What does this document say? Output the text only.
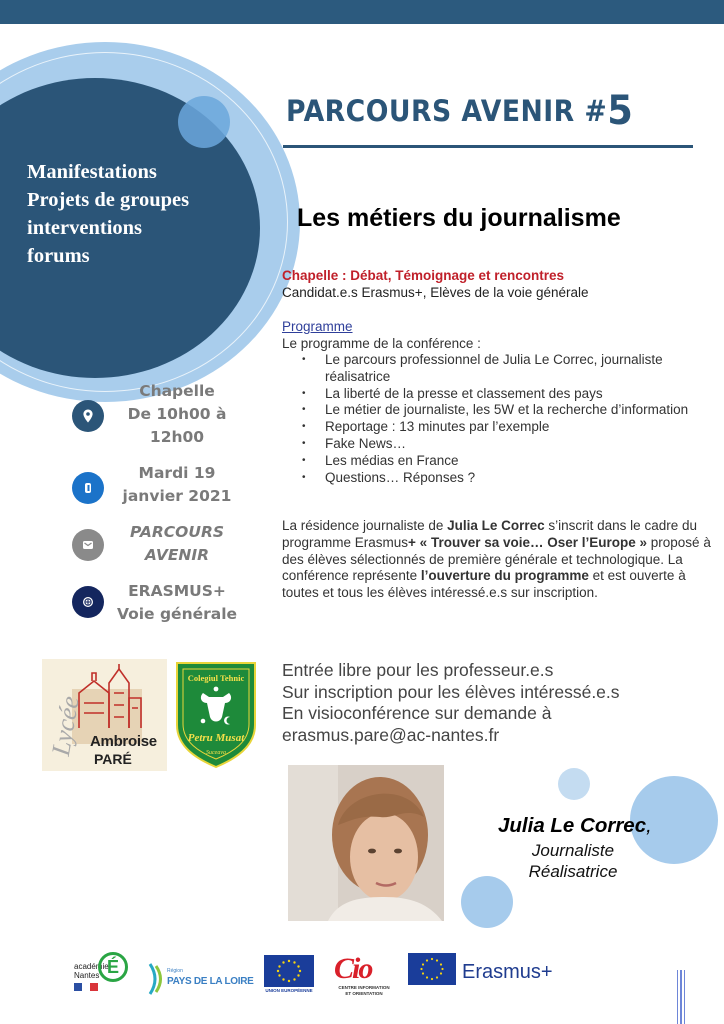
Manifestations
Projets de groupes
interventions
forums
Chapelle
De 10h00 à
12h00
Mardi 19
janvier 2021
PARCOURS
AVENIR
ERASMUS+
Voie générale
PARCOURS AVENIR #5
Les métiers du journalisme
Chapelle : Débat, Témoignage et rencontres
Candidat.e.s Erasmus+, Elèves de la voie générale
Programme
Le programme de la conférence :
• Le parcours professionnel de Julia Le Correc, journaliste réalisatrice
• La liberté de la presse et classement des pays
• Le métier de journaliste, les 5W et la recherche d’information
• Reportage : 13 minutes par l’exemple
• Fake News…
• Les médias en France
• Questions… Réponses ?
La résidence journaliste de Julia Le Correc s’inscrit dans le cadre du programme Erasmus+ « Trouver sa voie… Oser l’Europe » proposé à des élèves sélectionnés de première générale et technologique. La conférence représente l’ouverture du programme et est ouverte à toutes et tous les élèves intéressé.e.s sur inscription.
Entrée libre pour les professeur.e.s
Sur inscription pour les élèves intéressé.e.s
En visioconférence sur demande à
erasmus.pare@ac-nantes.fr
Lycée Ambroise
PARÉ
Colegiul Tehnic
Petru Musat
Suceava
Julia Le Correc,
Journaliste
Réalisatrice
académie
Nantes É	Région
PAYS DE LA LOIRE
UNION EUROPÉENNE
Cio
CENTRE INFORMATION
ET ORIENTATION
Erasmus+
